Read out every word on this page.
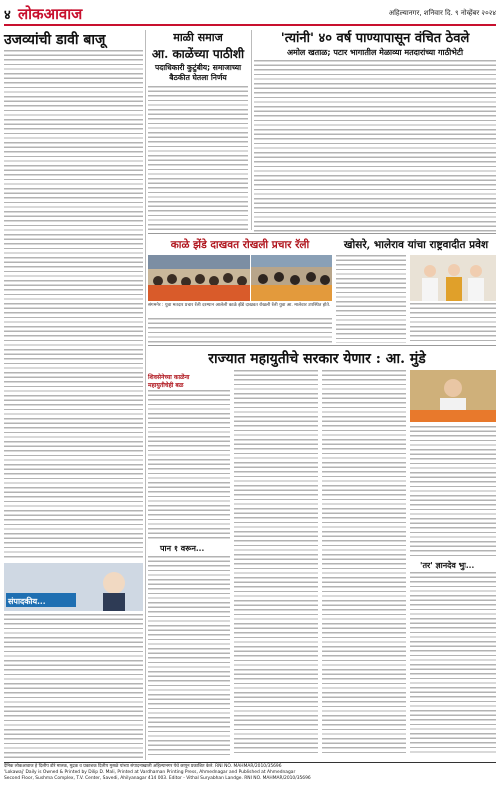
४ लोकआवाज	अहिल्यानगर, शनिवार दि. ९ नोव्हेंबर २०२४
उजव्यांची डावी बाजू
संपादकीय...
माळी समाज
आ. काळेंच्या पाठीशी
पदाधिकारी कुटुंबीय; समाजाच्या
बैठकीत घेतला निर्णय
'त्यांनी' ४० वर्ष पाण्यापासून वंचित ठेवले
अमोल खताळ; पटार भागातील मेळाव्या मतदारांच्या गाठीभेटी
काळे झेंडे दाखवत रोखली प्रचार रॅली
संगमनेर : युवा मतदार प्रचार रॅली दरम्यान आलेली काळे झेंडे दाखवत रोखली रॅली युवा आ. मालेवार उपस्थित होते.
खोसरे, भालेराव यांचा राष्ट्रवादीत प्रवेश
राज्यात महायुतीचे सरकार येणार : आ. मुंडे
शिवसेनेच्या काळेंना
महायुतीचेही बळ
पान १ वरून...
'तर' ज्ञानदेव भुः...
दैनिक लोकआवाज हे दिलीप डोरे मालक, मुद्रक व प्रकाशक दिलीप मुसळे यांच्या संपादनाखाली अहिल्यानगर येथे छापून प्रकाशित केले. RNI NO. MAHMAR/2010/35696
'Lokawaj' Daily is Owned & Printed by Dilip D. Mali, Printed at Vardhaman Printing Press, Ahmednagar and Published at Ahmednagar
Second Floor, Sushma Complex, T.V. Center, Savedi, Ahilyanagar 414 003. Editor - Vithal Suryabhan Landge. RNI NO. MAHMAR/2010/35696
